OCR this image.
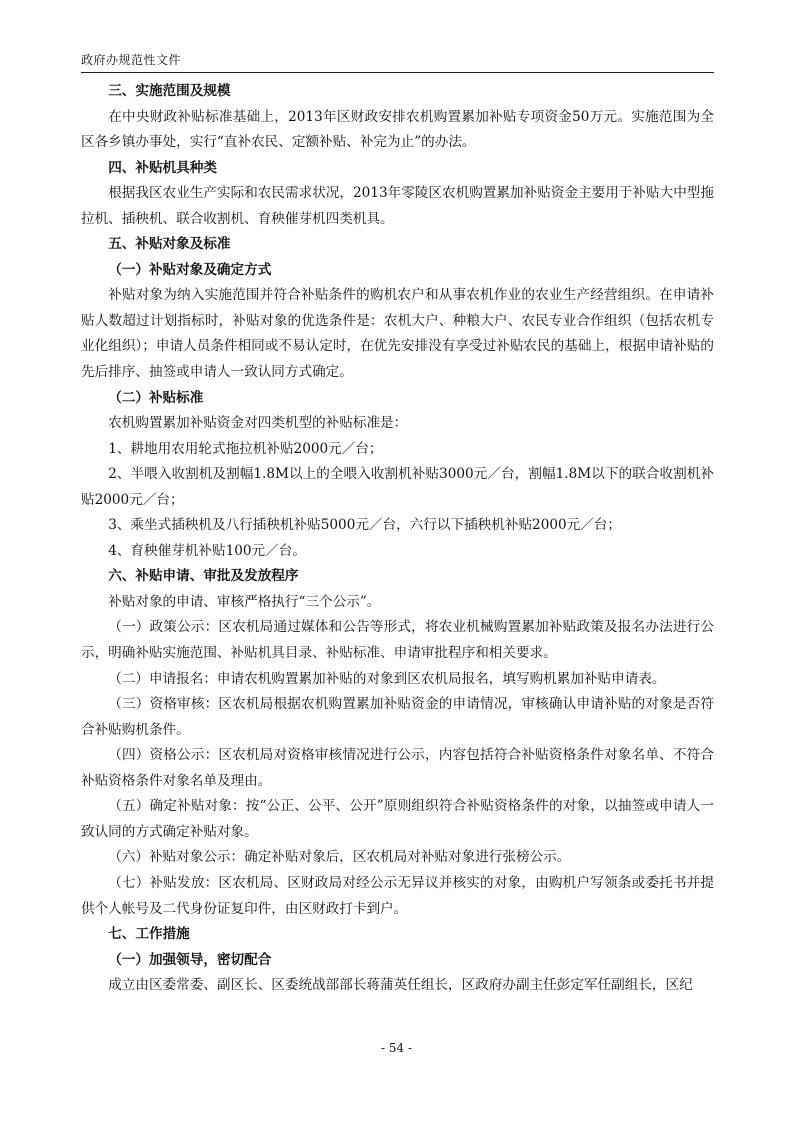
政府办规范性文件

三、实施范围及规模

在中央财政补贴标准基础上，2013年区财政安排农机购置累加补贴专项资金50万元。实施范围为全区各乡镇办事处，实行“直补农民、定额补贴、补完为止”的办法。

四、补贴机具种类

根据我区农业生产实际和农民需求状况，2013年零陵区农机购置累加补贴资金主要用于补贴大中型拖拉机、插秧机、联合收割机、育秧催芽机四类机具。

五、补贴对象及标准

（一）补贴对象及确定方式

补贴对象为纳入实施范围并符合补贴条件的购机农户和从事农机作业的农业生产经营组织。在申请补贴人数超过计划指标时，补贴对象的优选条件是：农机大户、种粮大户、农民专业合作组织（包括农机专业化组织）；申请人员条件相同或不易认定时，在优先安排没有享受过补贴农民的基础上，根据申请补贴的先后排序、抽签或申请人一致认同方式确定。

（二）补贴标准

农机购置累加补贴资金对四类机型的补贴标准是：

1、耕地用农用轮式拖拉机补贴2000元／台；

2、半喂入收割机及割幅1.8M以上的全喂入收割机补贴3000元／台，割幅1.8M以下的联合收割机补贴2000元／台；

3、乘坐式插秧机及八行插秧机补贴5000元／台，六行以下插秧机补贴2000元／台；

4、育秧催芽机补贴100元／台。

六、补贴申请、审批及发放程序

补贴对象的申请、审核严格执行“三个公示”。

（一）政策公示：区农机局通过媒体和公告等形式，将农业机械购置累加补贴政策及报名办法进行公示，明确补贴实施范围、补贴机具目录、补贴标准、申请审批程序和相关要求。

（二）申请报名：申请农机购置累加补贴的对象到区农机局报名，填写购机累加补贴申请表。

（三）资格审核：区农机局根据农机购置累加补贴资金的申请情况，审核确认申请补贴的对象是否符合补贴购机条件。

（四）资格公示：区农机局对资格审核情况进行公示，内容包括符合补贴资格条件对象名单、不符合补贴资格条件对象名单及理由。

（五）确定补贴对象：按“公正、公平、公开”原则组织符合补贴资格条件的对象，以抽签或申请人一致认同的方式确定补贴对象。

（六）补贴对象公示：确定补贴对象后，区农机局对补贴对象进行张榜公示。

（七）补贴发放：区农机局、区财政局对经公示无异议并核实的对象，由购机户写领条或委托书并提供个人帐号及二代身份证复印件，由区财政打卡到户。

七、工作措施

（一）加强领导，密切配合

成立由区委常委、副区长、区委统战部部长蒋蒲英任组长，区政府办副主任彭定军任副组长，区纪

- 54 -
